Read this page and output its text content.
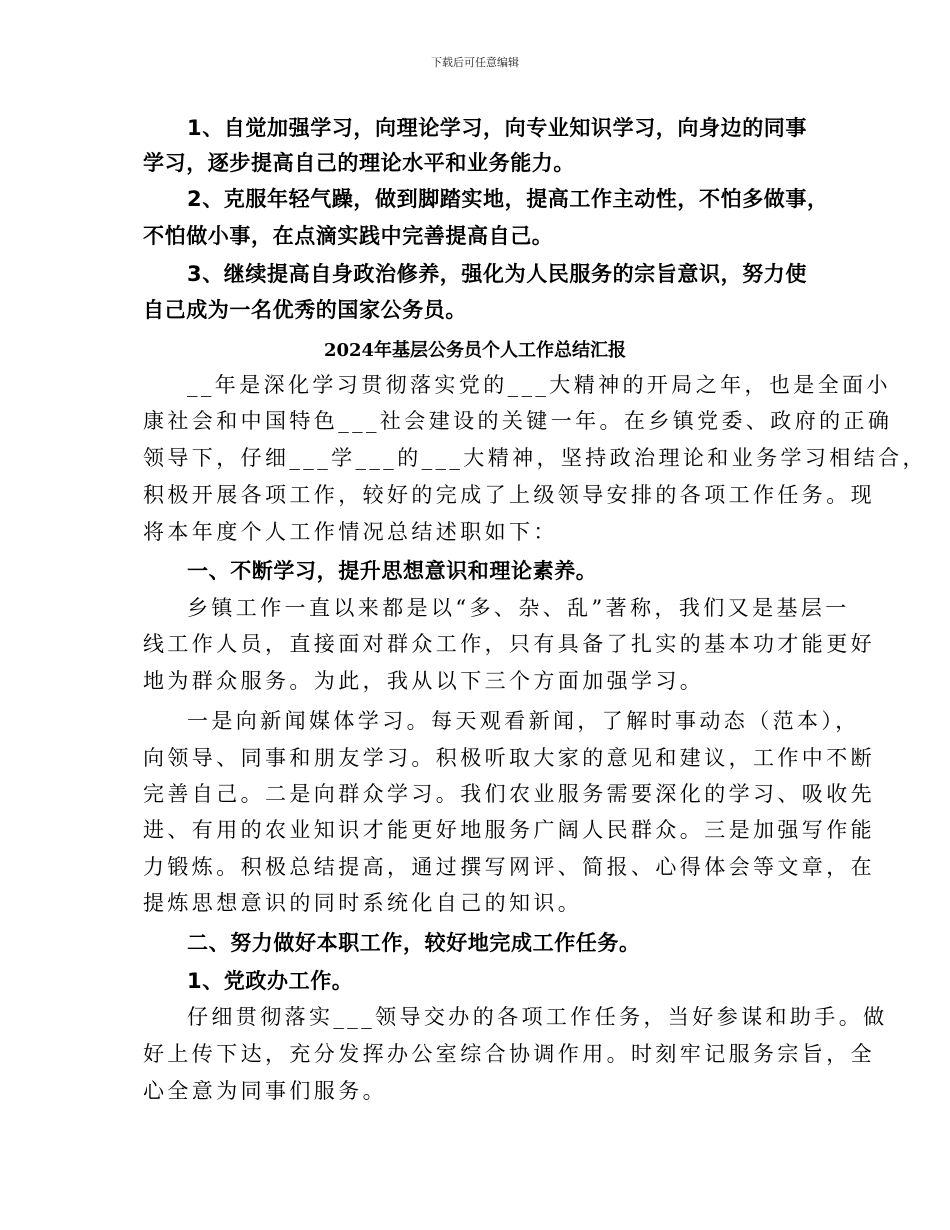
下载后可任意编辑
1、自觉加强学习，向理论学习，向专业知识学习，向身边的同事
学习，逐步提高自己的理论水平和业务能力。
2、克服年轻气躁，做到脚踏实地，提高工作主动性，不怕多做事，
不怕做小事，在点滴实践中完善提高自己。
3、继续提高自身政治修养，强化为人民服务的宗旨意识，努力使
自己成为一名优秀的国家公务员。
2024年基层公务员个人工作总结汇报
__年是深化学习贯彻落实党的___大精神的开局之年，也是全面小
康社会和中国特色___社会建设的关键一年。在乡镇党委、政府的正确
领导下，仔细___学___的___大精神，坚持政治理论和业务学习相结合，
积极开展各项工作，较好的完成了上级领导安排的各项工作任务。现
将本年度个人工作情况总结述职如下：
一、不断学习，提升思想意识和理论素养。
乡镇工作一直以来都是以“多、杂、乱”著称，我们又是基层一
线工作人员，直接面对群众工作，只有具备了扎实的基本功才能更好
地为群众服务。为此，我从以下三个方面加强学习。
一是向新闻媒体学习。每天观看新闻，了解时事动态（范本），
向领导、同事和朋友学习。积极听取大家的意见和建议，工作中不断
完善自己。二是向群众学习。我们农业服务需要深化的学习、吸收先
进、有用的农业知识才能更好地服务广阔人民群众。三是加强写作能
力锻炼。积极总结提高，通过撰写网评、简报、心得体会等文章，在
提炼思想意识的同时系统化自己的知识。
二、努力做好本职工作，较好地完成工作任务。
1、党政办工作。
仔细贯彻落实___领导交办的各项工作任务，当好参谋和助手。做
好上传下达，充分发挥办公室综合协调作用。时刻牢记服务宗旨，全
心全意为同事们服务。
